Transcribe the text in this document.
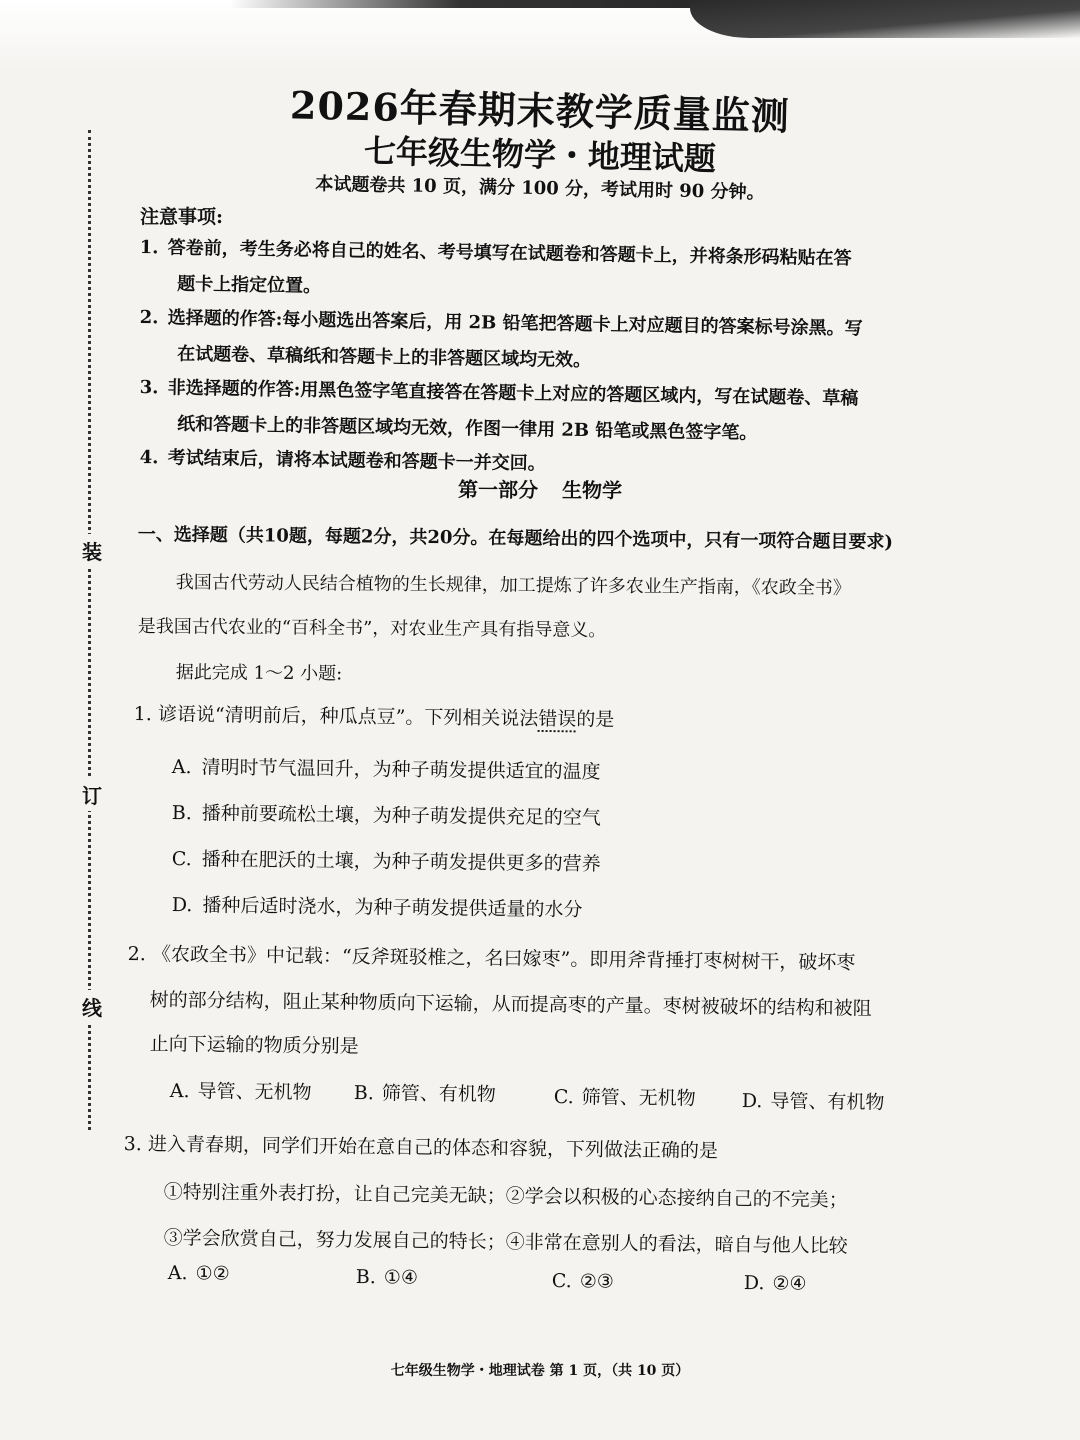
装
订
线
2026年春期末教学质量监测
七年级生物学・地理试题
本试题卷共 10 页，满分 100 分，考试用时 90 分钟。
注意事项:
1. 答卷前，考生务必将自己的姓名、考号填写在试题卷和答题卡上，并将条形码粘贴在答
题卡上指定位置。
2. 选择题的作答:每小题选出答案后，用 2B 铅笔把答题卡上对应题目的答案标号涂黑。写
在试题卷、草稿纸和答题卡上的非答题区域均无效。
3. 非选择题的作答:用黑色签字笔直接答在答题卡上对应的答题区域内，写在试题卷、草稿
纸和答题卡上的非答题区域均无效，作图一律用 2B 铅笔或黑色签字笔。
4. 考试结束后，请将本试题卷和答题卡一并交回。
第一部分 生物学
一、选择题（共10题，每题2分，共20分。在每题给出的四个选项中，只有一项符合题目要求)
我国古代劳动人民结合植物的生长规律，加工提炼了许多农业生产指南，《农政全书》
是我国古代农业的“百科全书”，对农业生产具有指导意义。
据此完成 1～2 小题:
1. 谚语说“清明前后，种瓜点豆”。下列相关说法错误的是
A. 清明时节气温回升，为种子萌发提供适宜的温度
B. 播种前要疏松土壤，为种子萌发提供充足的空气
C. 播种在肥沃的土壤，为种子萌发提供更多的营养
D. 播种后适时浇水，为种子萌发提供适量的水分
2. 《农政全书》中记载：“反斧斑驳椎之，名曰嫁枣”。即用斧背捶打枣树树干，破坏枣
树的部分结构，阻止某种物质向下运输，从而提高枣的产量。枣树被破坏的结构和被阻
止向下运输的物质分别是
A. 导管、无机物 B. 筛管、有机物	C. 筛管、无机物 D. 导管、有机物
3. 进入青春期，同学们开始在意自己的体态和容貌，下列做法正确的是
①特别注重外表打扮，让自己完美无缺；②学会以积极的心态接纳自己的不完美；
③学会欣赏自己，努力发展自己的特长；④非常在意别人的看法，暗自与他人比较
A. ①②	B. ①④	C. ②③	D. ②④
七年级生物学・地理试卷 第 1 页，（共 10 页）
